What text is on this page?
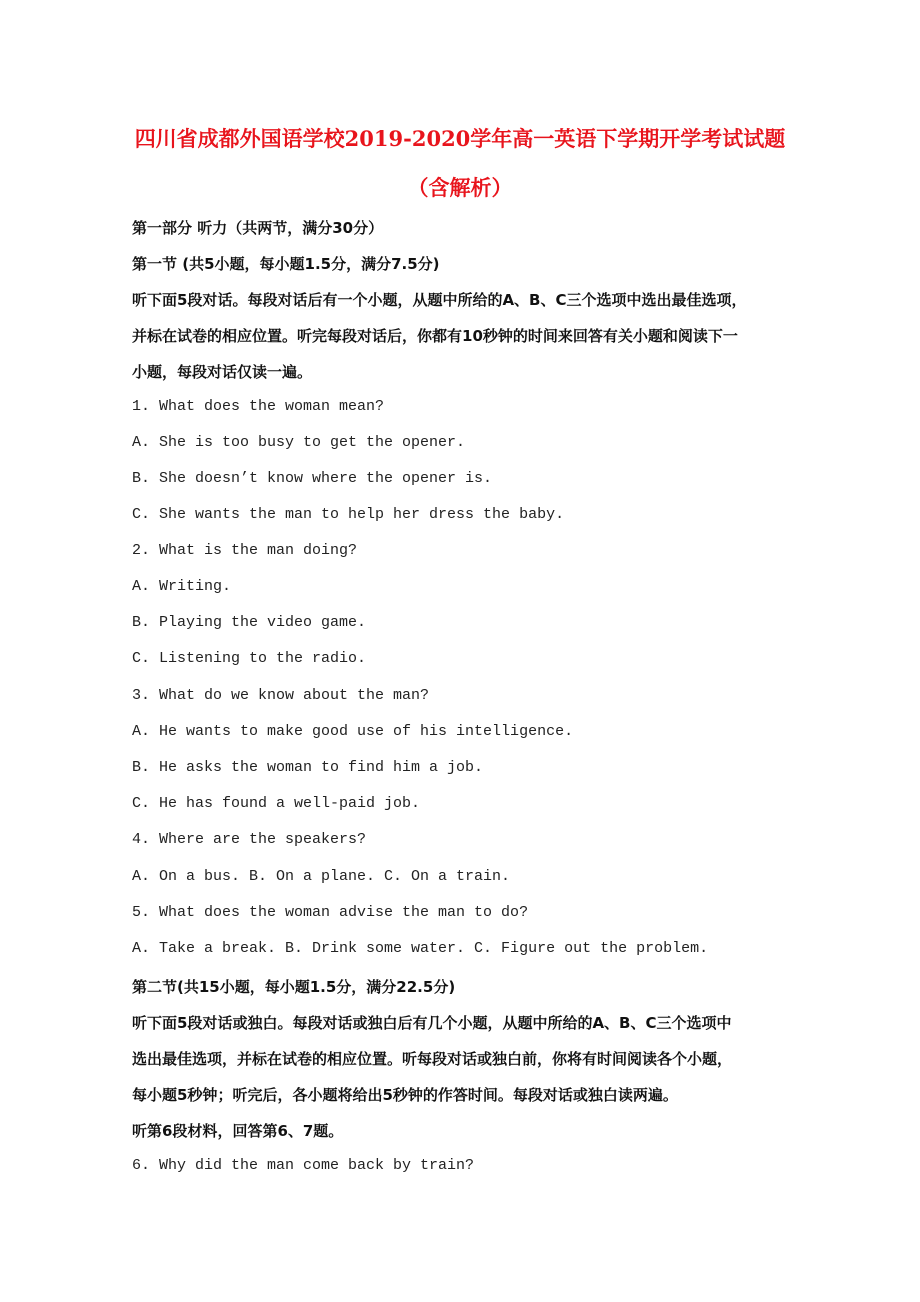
四川省成都外国语学校2019-2020学年高一英语下学期开学考试试题
（含解析）
第一部分 听力（共两节，满分30分）
第一节 (共5小题，每小题1.5分，满分7.5分)
听下面5段对话。每段对话后有一个小题，从题中所给的A、B、C三个选项中选出最佳选项，
并标在试卷的相应位置。听完每段对话后，你都有10秒钟的时间来回答有关小题和阅读下一
小题，每段对话仅读一遍。
1. What does the woman mean?
A. She is too busy to get the opener.
B. She doesn’t know where the opener is.
C. She wants the man to help her dress the baby.
2. What is the man doing?
A. Writing.
B. Playing the video game.
C. Listening to the radio.
3. What do we know about the man?
A. He wants to make good use of his intelligence.
B. He asks the woman to find him a job.
C. He has found a well-paid job.
4. Where are the speakers?
A. On a bus. B. On a plane. C. On a train.
5. What does the woman advise the man to do?
A. Take a break. B. Drink some water. C. Figure out the problem.
第二节(共15小题，每小题1.5分，满分22.5分)
听下面5段对话或独白。每段对话或独白后有几个小题，从题中所给的A、B、C三个选项中
选出最佳选项，并标在试卷的相应位置。听每段对话或独白前，你将有时间阅读各个小题，
每小题5秒钟；听完后，各小题将给出5秒钟的作答时间。每段对话或独白读两遍。
听第6段材料，回答第6、7题。
6. Why did the man come back by train?
